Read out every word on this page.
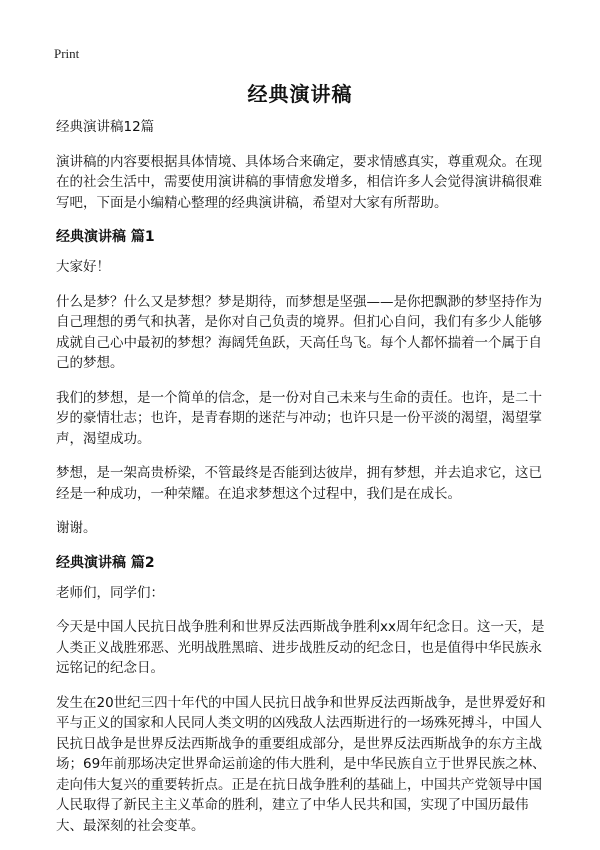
Print
经典演讲稿

经典演讲稿12篇

演讲稿的内容要根据具体情境、具体场合来确定，要求情感真实，尊重观众。在现在的社会生活中，需要使用演讲稿的事情愈发增多，相信许多人会觉得演讲稿很难写吧，下面是小编精心整理的经典演讲稿，希望对大家有所帮助。

经典演讲稿 篇1

大家好！

什么是梦？什么又是梦想？梦是期待，而梦想是坚强——是你把飘渺的梦坚持作为自己理想的勇气和执著，是你对自己负责的境界。但扪心自问，我们有多少人能够成就自己心中最初的梦想？海阔凭鱼跃，天高任鸟飞。每个人都怀揣着一个属于自己的梦想。

我们的梦想，是一个简单的信念，是一份对自己未来与生命的责任。也许，是二十岁的豪情壮志；也许，是青春期的迷茫与冲动；也许只是一份平淡的渴望，渴望掌声，渴望成功。

梦想，是一架高贵桥梁，不管最终是否能到达彼岸，拥有梦想，并去追求它，这已经是一种成功，一种荣耀。在追求梦想这个过程中，我们是在成长。

谢谢。

经典演讲稿 篇2

老师们，同学们：

今天是中国人民抗日战争胜利和世界反法西斯战争胜利xx周年纪念日。这一天，是人类正义战胜邪恶、光明战胜黑暗、进步战胜反动的纪念日，也是值得中华民族永远铭记的纪念日。

发生在20世纪三四十年代的中国人民抗日战争和世界反法西斯战争，是世界爱好和平与正义的国家和人民同人类文明的凶残敌人法西斯进行的一场殊死搏斗，中国人民抗日战争是世界反法西斯战争的重要组成部分，是世界反法西斯战争的东方主战场；69年前那场决定世界命运前途的伟大胜利，是中华民族自立于世界民族之林、走向伟大复兴的重要转折点。正是在抗日战争胜利的基础上，中国共产党领导中国人民取得了新民主主义革命的胜利，建立了中华人民共和国，实现了中国历最伟大、最深刻的社会变革。
